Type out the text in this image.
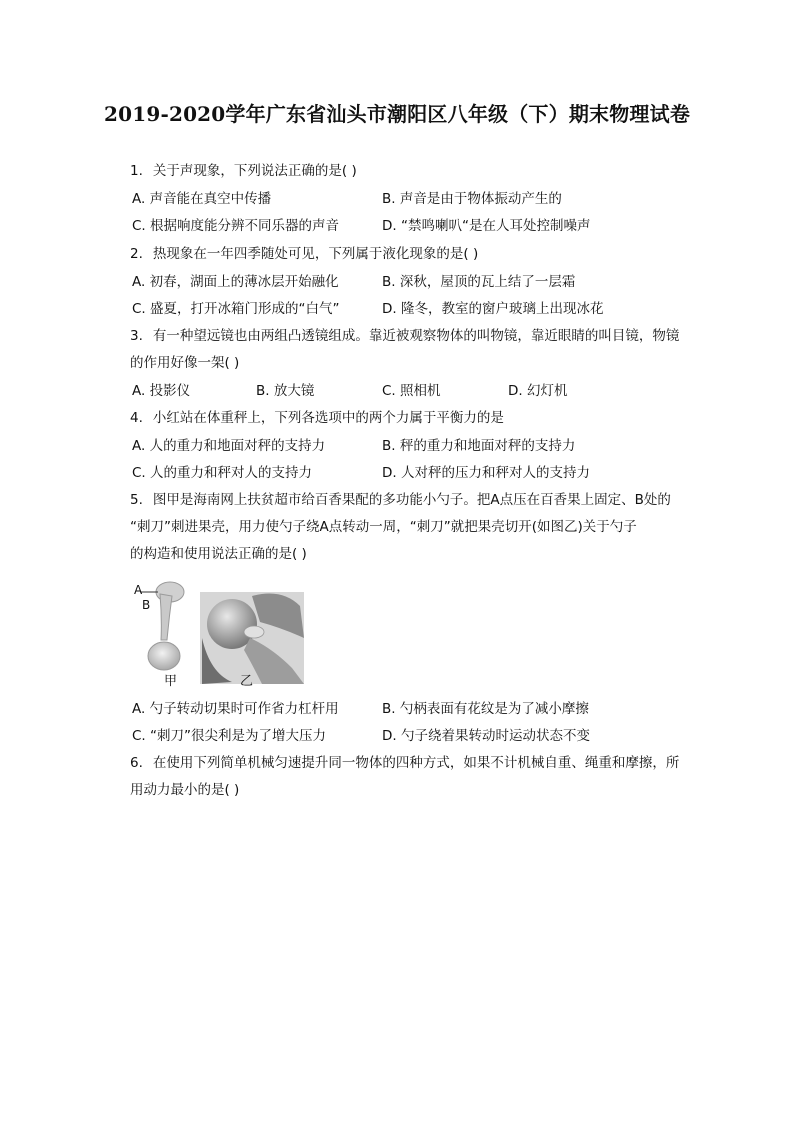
2019-2020学年广东省汕头市潮阳区八年级（下）期末物理试卷
1. 关于声现象，下列说法正确的是( )
A. 声音能在真空中传播	B. 声音是由于物体振动产生的
C. 根据响度能分辨不同乐器的声音	D. “禁鸣喇叭“是在人耳处控制噪声
2. 热现象在一年四季随处可见，下列属于液化现象的是( )
A. 初春，湖面上的薄冰层开始融化	B. 深秋，屋顶的瓦上结了一层霜
C. 盛夏，打开冰箱门形成的“白气”	D. 隆冬，教室的窗户玻璃上出现冰花
3. 有一种望远镜也由两组凸透镜组成。靠近被观察物体的叫物镜，靠近眼睛的叫目镜，物镜
的作用好像一架( )
A. 投影仪	B. 放大镜	C. 照相机	D. 幻灯机
4. 小红站在体重秤上，下列各选项中的两个力属于平衡力的是
A. 人的重力和地面对秤的支持力	B. 秤的重力和地面对秤的支持力
C. 人的重力和秤对人的支持力	D. 人对秤的压力和秤对人的支持力
5. 图甲是海南网上扶贫超市给百香果配的多功能小勺子。把A点压在百香果上固定、B处的
“刺刀”刺进果壳，用力使勺子绕A点转动一周，“刺刀”就把果壳切开(如图乙)关于勺子
的构造和使用说法正确的是( )
A
B
甲	乙
A. 勺子转动切果时可作省力杠杆用	B. 勺柄表面有花纹是为了减小摩擦
C. “刺刀”很尖利是为了增大压力	D. 勺子绕着果转动时运动状态不变
6. 在使用下列简单机械匀速提升同一物体的四种方式，如果不计机械自重、绳重和摩擦，所
用动力最小的是( )
